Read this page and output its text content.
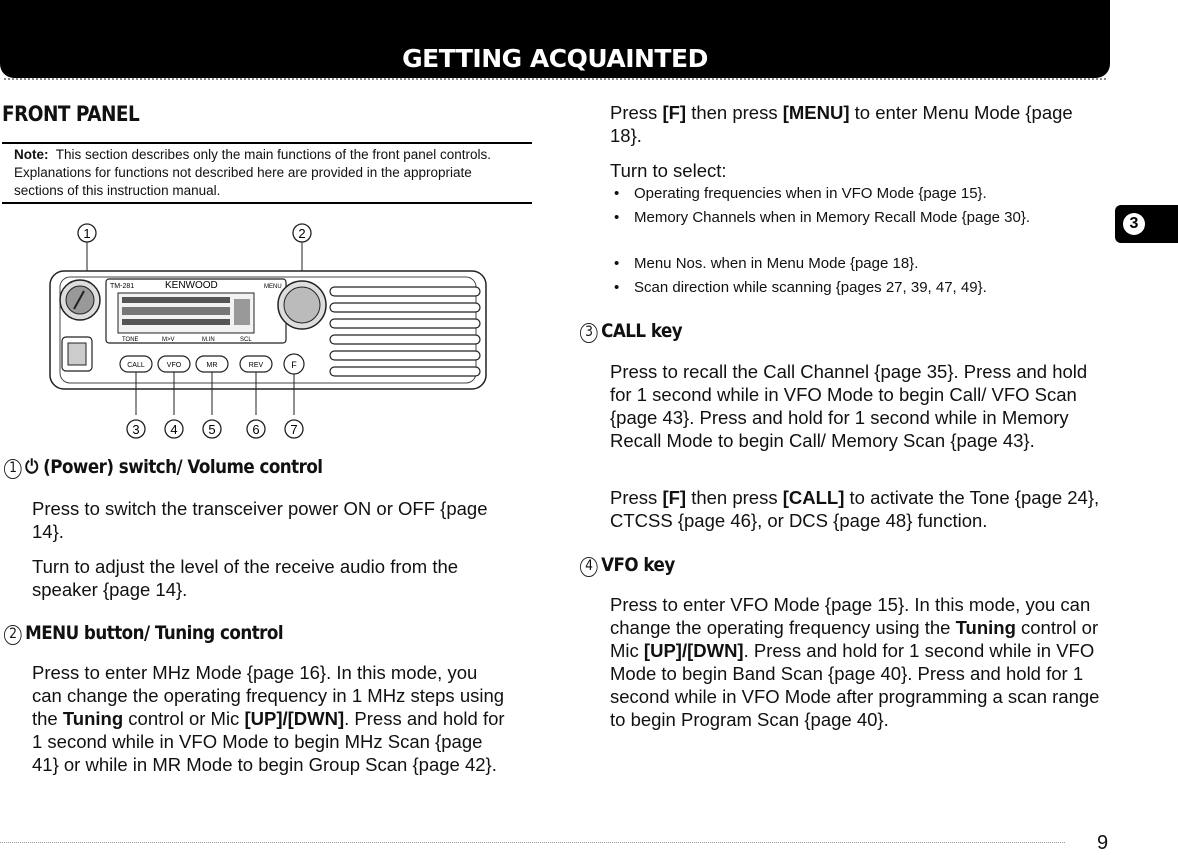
GETTING ACQUAINTED
3
FRONT PANEL
Note: This section describes only the main functions of the front panel controls. Explanations for functions not described here are provided in the appropriate sections of this instruction manual.
1	2
TM-281	KENWOOD	MENU
TONE	M>V	M.IN	SCL
CALL	VFO	MR	REV	F
3 4 5	6 7
1 ⏻ (Power) switch/ Volume control
Press to switch the transceiver power ON or OFF {page 14}.
Turn to adjust the level of the receive audio from the speaker {page 14}.
2 MENU button/ Tuning control
Press to enter MHz Mode {page 16}. In this mode, you can change the operating frequency in 1 MHz steps using the Tuning control or Mic [UP]/[DWN]. Press and hold for 1 second while in VFO Mode to begin MHz Scan {page 41} or while in MR Mode to begin Group Scan {page 42}.
Press [F] then press [MENU] to enter Menu Mode {page 18}.
Turn to select:
• Operating frequencies when in VFO Mode {page 15}.
• Memory Channels when in Memory Recall Mode {page 30}.
• Menu Nos. when in Menu Mode {page 18}.
• Scan direction while scanning {pages 27, 39, 47, 49}.
3 CALL key
Press to recall the Call Channel {page 35}. Press and hold for 1 second while in VFO Mode to begin Call/ VFO Scan {page 43}. Press and hold for 1 second while in Memory Recall Mode to begin Call/ Memory Scan {page 43}.
Press [F] then press [CALL] to activate the Tone {page 24}, CTCSS {page 46}, or DCS {page 48} function.
4 VFO key
Press to enter VFO Mode {page 15}. In this mode, you can change the operating frequency using the Tuning control or Mic [UP]/[DWN]. Press and hold for 1 second while in VFO Mode to begin Band Scan {page 40}. Press and hold for 1 second while in VFO Mode after programming a scan range to begin Program Scan {page 40}.
9
